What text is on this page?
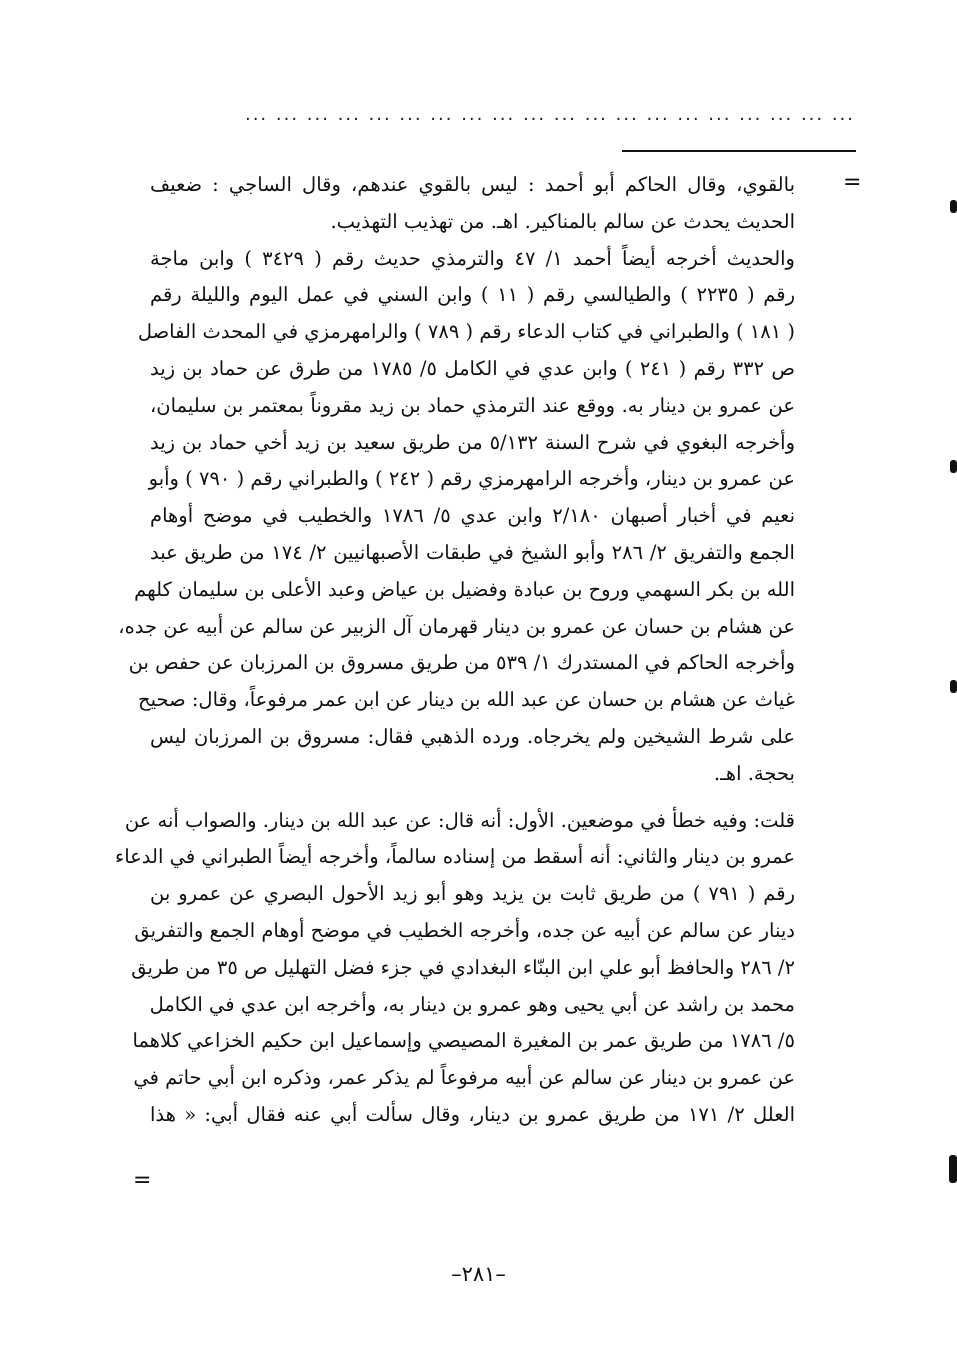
... ... ... ... ... ... ... ... ... ... ... ... ... ... ... ... ... ... ... ...
=
بالقوي، وقال الحاكم أبو أحمد : ليس بالقوي عندهم، وقال الساجي : ضعيف
الحديث يحدث عن سالم بالمناكير. اهـ. من تهذيب التهذيب.
والحديث أخرجه أيضاً أحمد ١/ ٤٧ والترمذي حديث رقم ( ٣٤٢٩ ) وابن ماجة
رقم ( ٢٢٣٥ ) والطيالسي رقم ( ١١ ) وابن السني في عمل اليوم والليلة رقم
( ١٨١ ) والطبراني في كتاب الدعاء رقم ( ٧٨٩ ) والرامهرمزي في المحدث الفاصل
ص ٣٣٢ رقم ( ٢٤١ ) وابن عدي في الكامل ٥/ ١٧٨٥ من طرق عن حماد بن زيد
عن عمرو بن دينار به. ووقع عند الترمذي حماد بن زيد مقروناً بمعتمر بن سليمان،
وأخرجه البغوي في شرح السنة ٥/١٣٢ من طريق سعيد بن زيد أخي حماد بن زيد
عن عمرو بن دينار، وأخرجه الرامهرمزي رقم ( ٢٤٢ ) والطبراني رقم ( ٧٩٠ ) وأبو
نعيم في أخبار أصبهان ٢/١٨٠ وابن عدي ٥/ ١٧٨٦ والخطيب في موضح أوهام
الجمع والتفريق ٢/ ٢٨٦ وأبو الشيخ في طبقات الأصبهانيين ٢/ ١٧٤ من طريق عبد
الله بن بكر السهمي وروح بن عبادة وفضيل بن عياض وعبد الأعلى بن سليمان كلهم
عن هشام بن حسان عن عمرو بن دينار قهرمان آل الزبير عن سالم عن أبيه عن جده،
وأخرجه الحاكم في المستدرك ١/ ٥٣٩ من طريق مسروق بن المرزبان عن حفص بن
غياث عن هشام بن حسان عن عبد الله بن دينار عن ابن عمر مرفوعاً، وقال: صحيح
على شرط الشيخين ولم يخرجاه. ورده الذهبي فقال: مسروق بن المرزبان ليس
بحجة. اهـ.
قلت: وفيه خطأ في موضعين. الأول: أنه قال: عن عبد الله بن دينار. والصواب أنه عن
عمرو بن دينار والثاني: أنه أسقط من إسناده سالماً، وأخرجه أيضاً الطبراني في الدعاء
رقم ( ٧٩١ ) من طريق ثابت بن يزيد وهو أبو زيد الأحول البصري عن عمرو بن
دينار عن سالم عن أبيه عن جده، وأخرجه الخطيب في موضح أوهام الجمع والتفريق
٢/ ٢٨٦ والحافظ أبو علي ابن البنّاء البغدادي في جزء فضل التهليل ص ٣٥ من طريق
محمد بن راشد عن أبي يحيى وهو عمرو بن دينار به، وأخرجه ابن عدي في الكامل
٥/ ١٧٨٦ من طريق عمر بن المغيرة المصيصي وإسماعيل ابن حكيم الخزاعي كلاهما
عن عمرو بن دينار عن سالم عن أبيه مرفوعاً لم يذكر عمر، وذكره ابن أبي حاتم في
العلل ٢/ ١٧١ من طريق عمرو بن دينار، وقال سألت أبي عنه فقال أبي: « هذا
=
–٢٨١–
